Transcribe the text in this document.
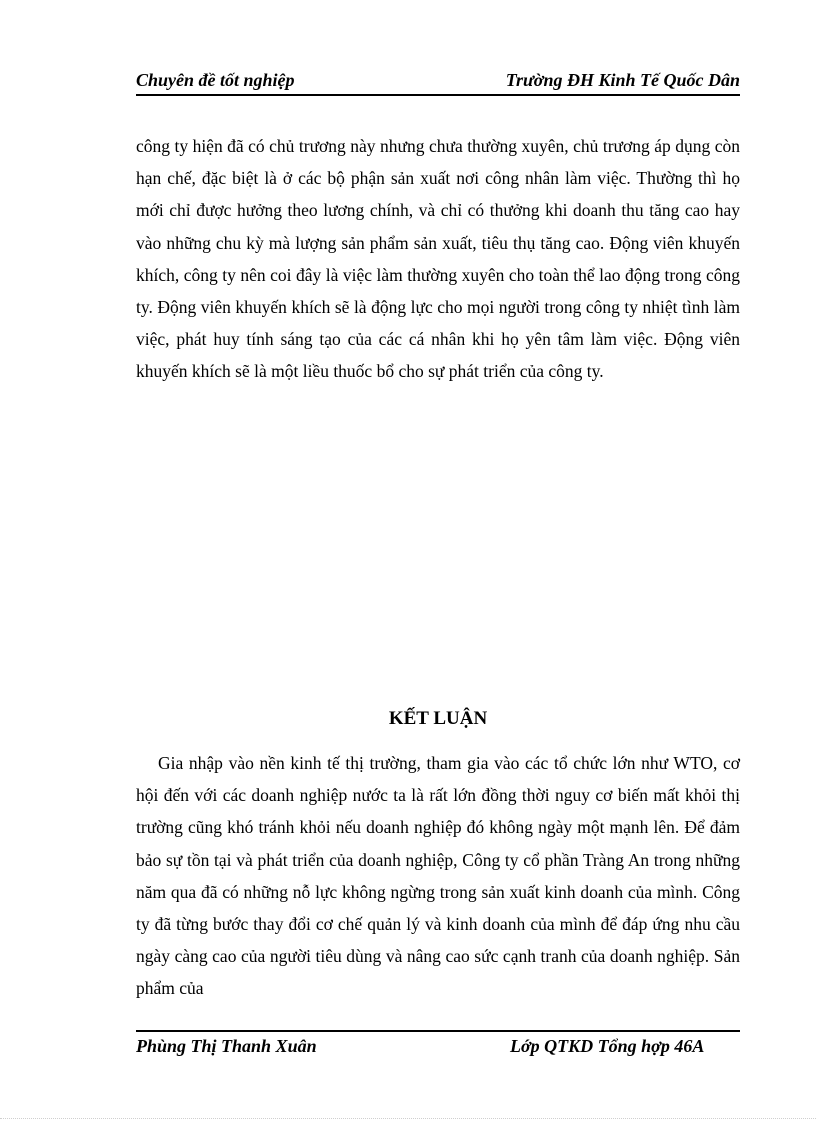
Chuyên đề tốt nghiệp	Trường ĐH Kinh Tế Quốc Dân

công ty hiện đã có chủ trương này nhưng chưa thường xuyên, chủ trương áp dụng còn hạn chế, đặc biệt là ở các bộ phận sản xuất nơi công nhân làm việc. Thường thì họ mới chỉ được hưởng theo lương chính, và chỉ có thưởng khi doanh thu tăng cao hay vào những chu kỳ mà lượng sản phẩm sản xuất, tiêu thụ tăng cao. Động viên khuyến khích, công ty nên coi đây là việc làm thường xuyên cho toàn thể lao động trong công ty. Động viên khuyến khích sẽ là động lực cho mọi người trong công ty nhiệt tình làm việc, phát huy tính sáng tạo của các cá nhân khi họ yên tâm làm việc. Động viên khuyến khích sẽ là một liều thuốc bổ cho sự phát triển của công ty.

KẾT LUẬN

Gia nhập vào nền kinh tế thị trường, tham gia vào các tổ chức lớn như WTO, cơ hội đến với các doanh nghiệp nước ta là rất lớn đồng thời nguy cơ biến mất khỏi thị trường cũng khó tránh khỏi nếu doanh nghiệp đó không ngày một mạnh lên. Để đảm bảo sự tồn tại và phát triển của doanh nghiệp, Công ty cổ phần Tràng An trong những năm qua đã có những nỗ lực không ngừng trong sản xuất kinh doanh của mình. Công ty đã từng bước thay đổi cơ chế quản lý và kinh doanh của mình để đáp ứng nhu cầu ngày càng cao của người tiêu dùng và nâng cao sức cạnh tranh của doanh nghiệp. Sản phẩm của

Phùng Thị Thanh Xuân	Lớp QTKD Tổng hợp 46A
